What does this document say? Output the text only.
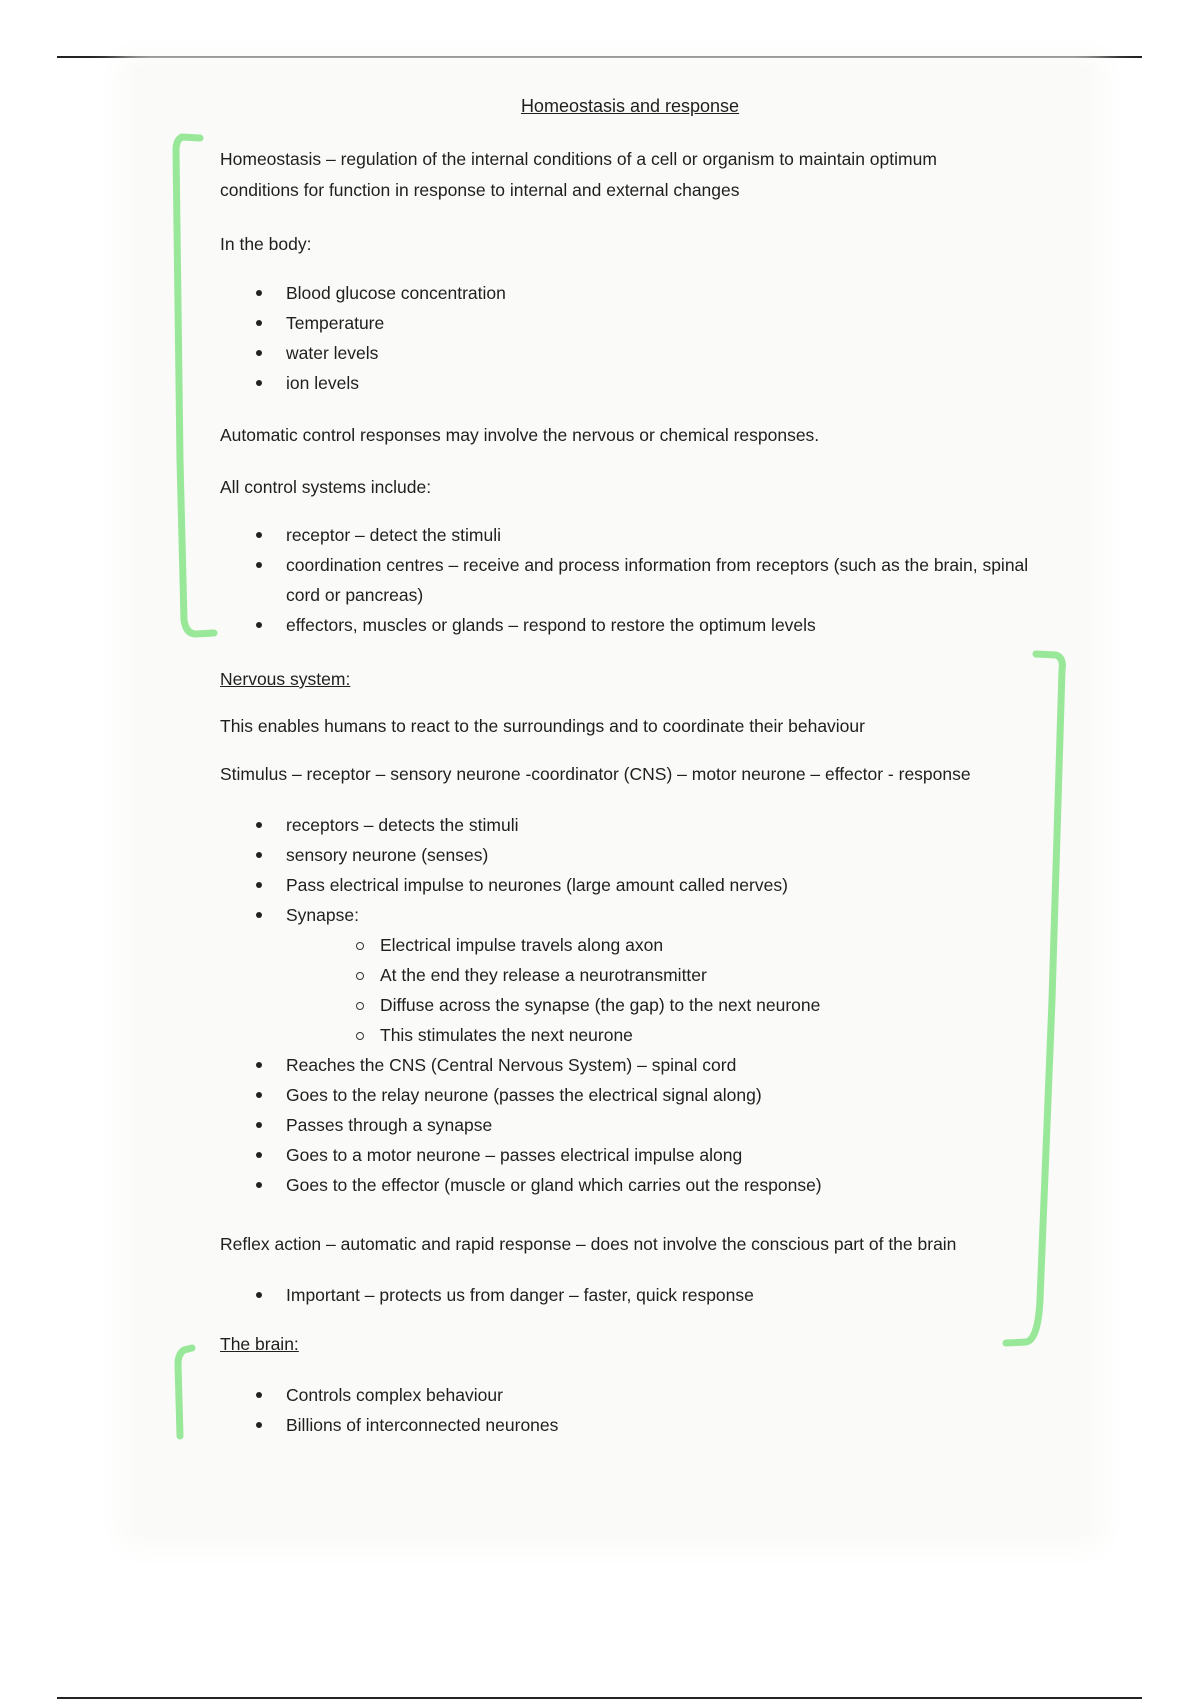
Homeostasis and response
Homeostasis – regulation of the internal conditions of a cell or organism to maintain optimum conditions for function in response to internal and external changes
In the body:
Blood glucose concentration
Temperature
water levels
ion levels
Automatic control responses may involve the nervous or chemical responses.
All control systems include:
receptor – detect the stimuli
coordination centres – receive and process information from receptors (such as the brain, spinal cord or pancreas)
effectors, muscles or glands – respond to restore the optimum levels
Nervous system:
This enables humans to react to the surroundings and to coordinate their behaviour
Stimulus – receptor – sensory neurone -coordinator (CNS) – motor neurone – effector - response
receptors – detects the stimuli
sensory neurone (senses)
Pass electrical impulse to neurones (large amount called nerves)
Synapse:
Electrical impulse travels along axon
At the end they release a neurotransmitter
Diffuse across the synapse (the gap) to the next neurone
This stimulates the next neurone
Reaches the CNS (Central Nervous System) – spinal cord
Goes to the relay neurone (passes the electrical signal along)
Passes through a synapse
Goes to a motor neurone – passes electrical impulse along
Goes to the effector (muscle or gland which carries out the response)
Reflex action – automatic and rapid response – does not involve the conscious part of the brain
Important – protects us from danger – faster, quick response
The brain:
Controls complex behaviour
Billions of interconnected neurones
